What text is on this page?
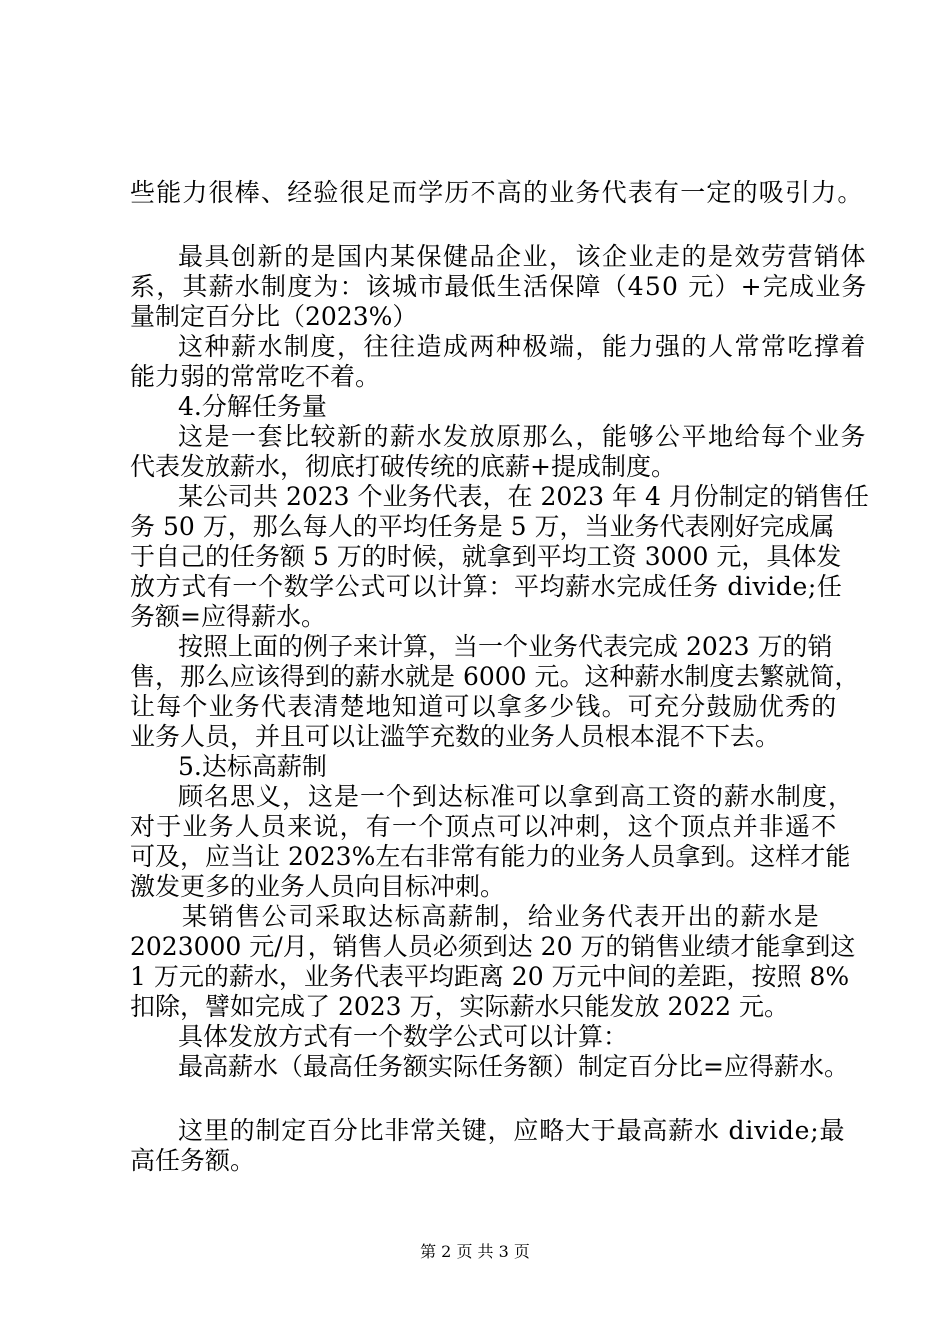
些能力很棒、经验很足而学历不高的业务代表有一定的吸引力。
最具创新的是国内某保健品企业，该企业走的是效劳营销体
系，其薪水制度为：该城市最低生活保障（450 元）+完成业务
量制定百分比（2023%）
这种薪水制度，往往造成两种极端，能力强的人常常吃撑着
能力弱的常常吃不着。
4.分解任务量
这是一套比较新的薪水发放原那么，能够公平地给每个业务
代表发放薪水，彻底打破传统的底薪+提成制度。
某公司共 2023 个业务代表，在 2023 年 4 月份制定的销售任
务 50 万，那么每人的平均任务是 5 万，当业务代表刚好完成属
于自己的任务额 5 万的时候，就拿到平均工资 3000 元，具体发
放方式有一个数学公式可以计算：平均薪水完成任务 divide;任
务额=应得薪水。
按照上面的例子来计算，当一个业务代表完成 2023 万的销
售，那么应该得到的薪水就是 6000 元。这种薪水制度去繁就简，
让每个业务代表清楚地知道可以拿多少钱。可充分鼓励优秀的
业务人员，并且可以让滥竽充数的业务人员根本混不下去。
5.达标高薪制
顾名思义，这是一个到达标准可以拿到高工资的薪水制度，
对于业务人员来说，有一个顶点可以冲刺，这个顶点并非遥不
可及，应当让 2023%左右非常有能力的业务人员拿到。这样才能
激发更多的业务人员向目标冲刺。
某销售公司采取达标高薪制，给业务代表开出的薪水是
2023000 元/月，销售人员必须到达 20 万的销售业绩才能拿到这
1 万元的薪水，业务代表平均距离 20 万元中间的差距，按照 8%
扣除，譬如完成了 2023 万，实际薪水只能发放 2022 元。
具体发放方式有一个数学公式可以计算：
最高薪水（最高任务额实际任务额）制定百分比=应得薪水。
这里的制定百分比非常关键，应略大于最高薪水 divide;最
高任务额。
第 2 页 共 3 页
